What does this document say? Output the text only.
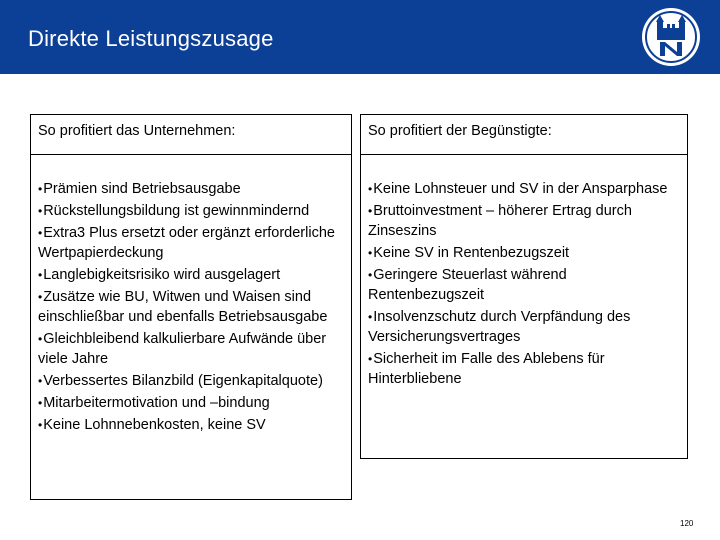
Direkte Leistungszusage
So profitiert das Unternehmen:
•Prämien sind Betriebsausgabe
•Rückstellungsbildung ist gewinnmindernd
•Extra3 Plus ersetzt oder ergänzt erforderliche Wertpapierdeckung
•Langlebigkeitsrisiko wird ausgelagert
•Zusätze wie BU, Witwen und Waisen sind einschließbar und ebenfalls Betriebsausgabe
•Gleichbleibend kalkulierbare Aufwände über viele Jahre
•Verbessertes Bilanzbild (Eigenkapitalquote)
•Mitarbeitermotivation und –bindung
•Keine Lohnnebenkosten, keine SV
So profitiert der Begünstigte:
•Keine Lohnsteuer und SV in der Ansparphase
•Bruttoinvestment – höherer Ertrag durch Zinseszins
•Keine SV in Rentenbezugszeit
•Geringere Steuerlast während Rentenbezugszeit
•Insolvenzschutz durch Verpfändung des Versicherungsvertrages
•Sicherheit im Falle des Ablebens für Hinterbliebene
120
